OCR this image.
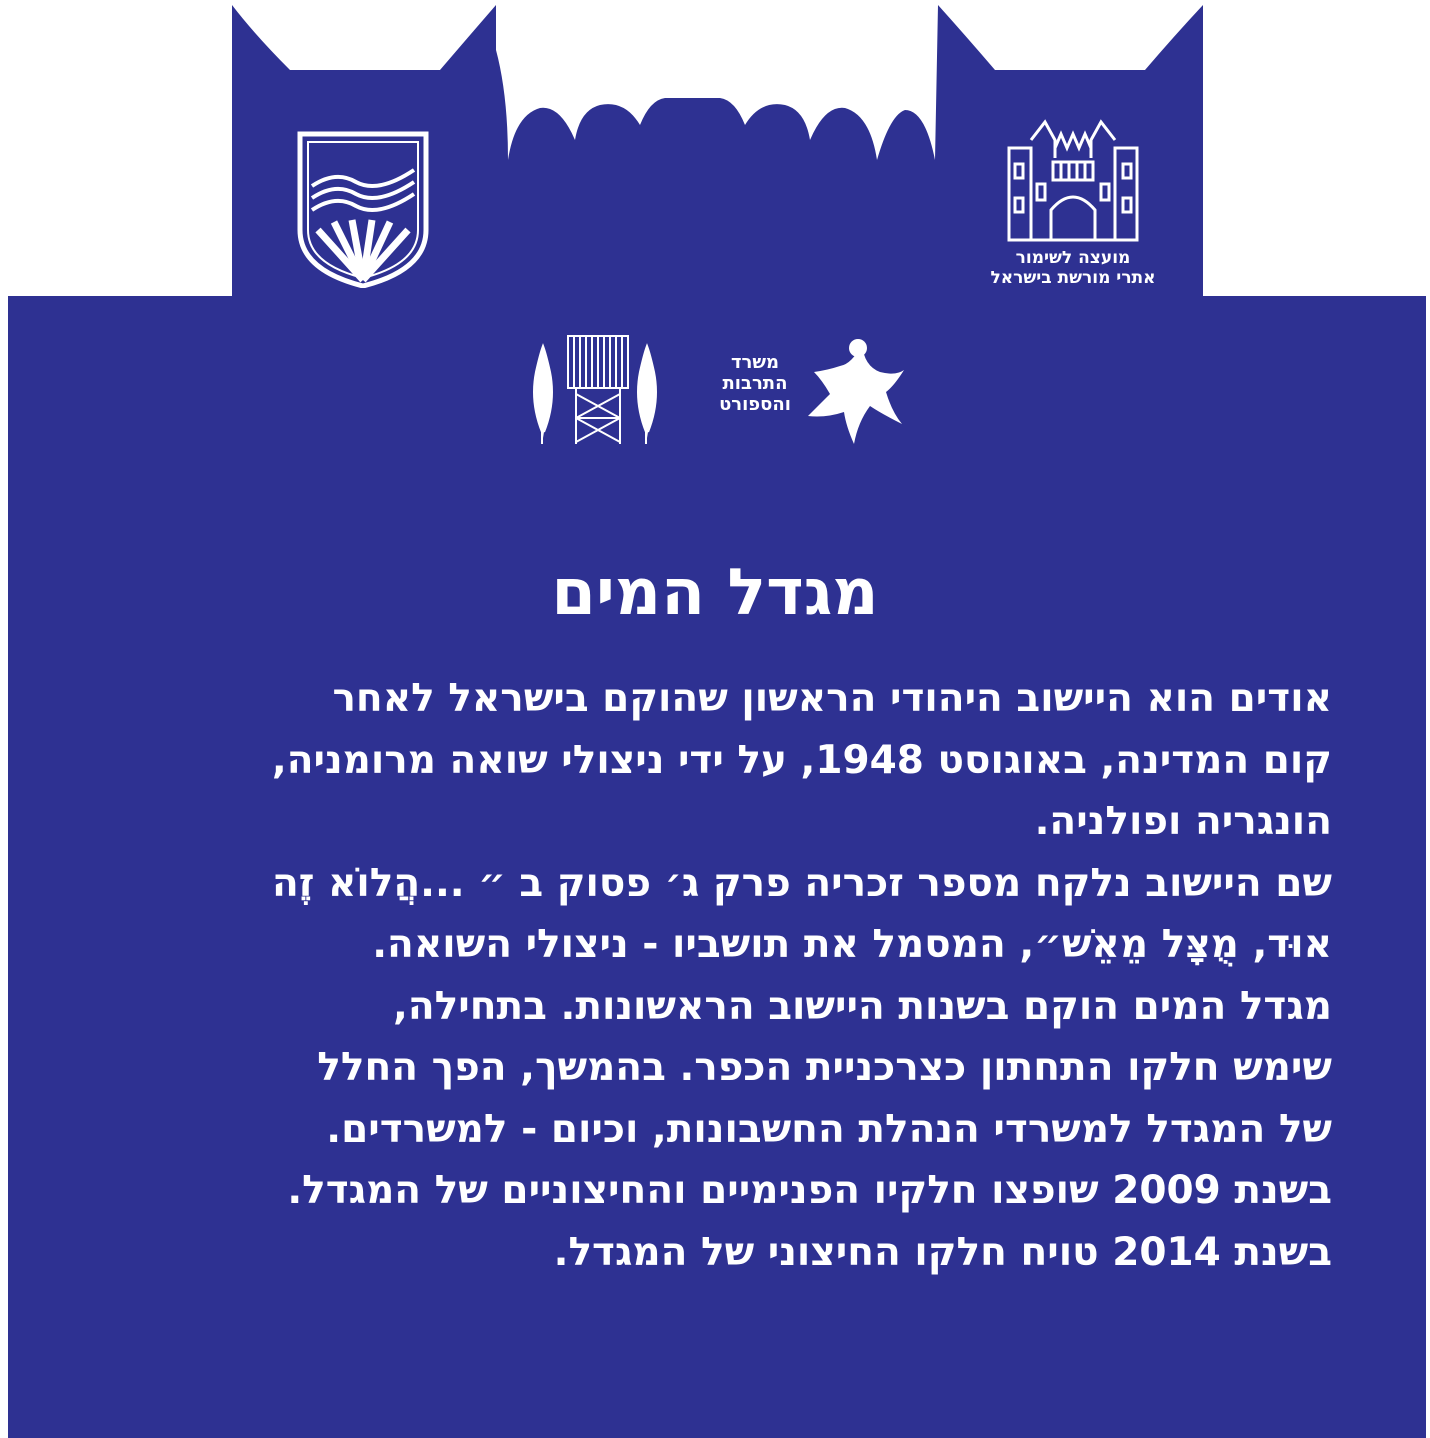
מועצה לשימור
אתרי מורשת בישראל
משרד
התרבות
והספורט
מגדל המים
אודים הוא היישוב היהודי הראשון שהוקם בישראל לאחר
קום המדינה, באוגוסט 1948, על ידי ניצולי שואה מרומניה,
הונגריה ופולניה.
שם היישוב נלקח מספר זכריה פרק ג׳ פסוק ב ״ ...הֲלוֹא זֶה
אוּד, מֻצָּל מֵאֵשׁ״, המסמל את תושביו - ניצולי השואה.
מגדל המים הוקם בשנות היישוב הראשונות. בתחילה,
שימש חלקו התחתון כצרכניית הכפר. בהמשך, הפך החלל
של המגדל למשרדי הנהלת החשבונות, וכיום - למשרדים.
בשנת 2009 שופצו חלקיו הפנימיים והחיצוניים של המגדל.
בשנת 2014 טויח חלקו החיצוני של המגדל.
